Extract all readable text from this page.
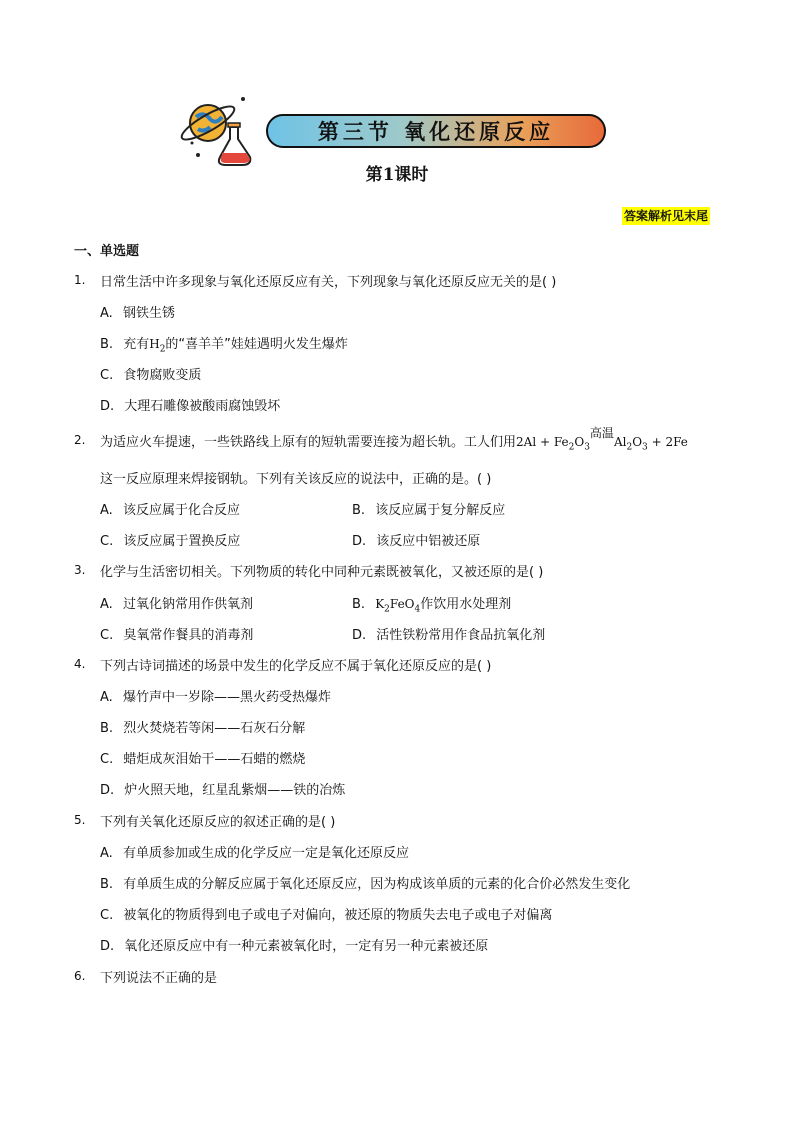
第三节 氧化还原反应
第1课时
答案解析见末尾
一、单选题
1.	日常生活中许多现象与氧化还原反应有关，下列现象与氧化还原反应无关的是( )
A. 钢铁生锈
B. 充有$H_2$的“喜羊羊”娃娃遇明火发生爆炸
C. 食物腐败变质
D. 大理石雕像被酸雨腐蚀毁坏
2.	为适应火车提速，一些铁路线上原有的短轨需要连接为超长轨。工人们用$2Al + Fe_2O_3$高温$Al_2O_3 + 2Fe$
这一反应原理来焊接钢轨。下列有关该反应的说法中，正确的是。( )
A. 该反应属于化合反应	B. 该反应属于复分解反应
C. 该反应属于置换反应	D. 该反应中铝被还原
3.	化学与生活密切相关。下列物质的转化中同种元素既被氧化，又被还原的是( )
A. 过氧化钠常用作供氧剂	B. $K_2FeO_4$作饮用水处理剂
C. 臭氧常作餐具的消毒剂	D. 活性铁粉常用作食品抗氧化剂
4.	下列古诗词描述的场景中发生的化学反应不属于氧化还原反应的是( )
A. 爆竹声中一岁除——黑火药受热爆炸
B. 烈火焚烧若等闲——石灰石分解
C. 蜡炬成灰泪始干——石蜡的燃烧
D. 炉火照天地，红星乱紫烟——铁的冶炼
5.	下列有关氧化还原反应的叙述正确的是( )
A. 有单质参加或生成的化学反应一定是氧化还原反应
B. 有单质生成的分解反应属于氧化还原反应，因为构成该单质的元素的化合价必然发生变化
C. 被氧化的物质得到电子或电子对偏向，被还原的物质失去电子或电子对偏离
D. 氧化还原反应中有一种元素被氧化时，一定有另一种元素被还原
6.	下列说法不正确的是
